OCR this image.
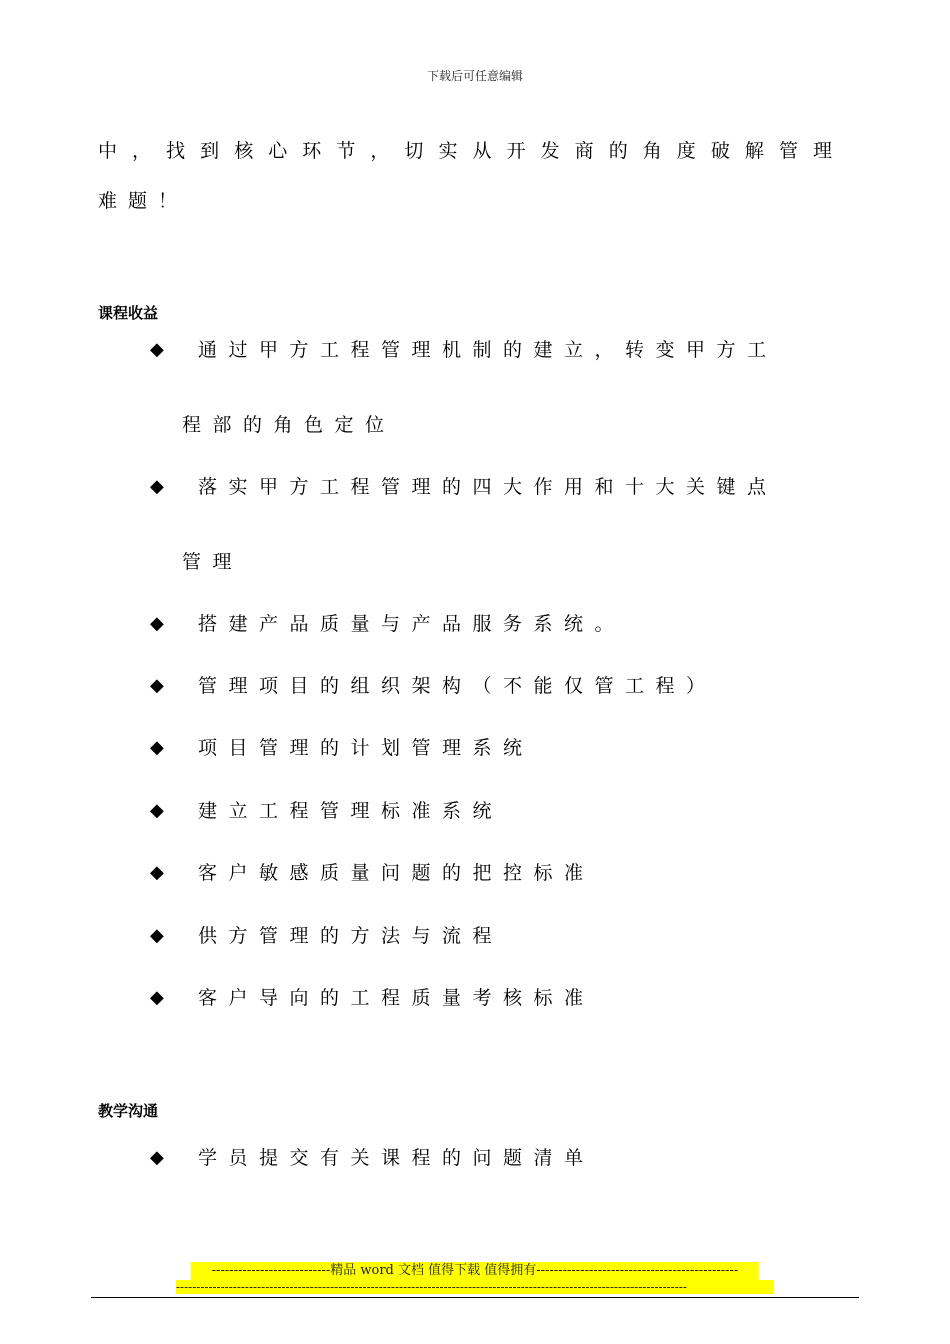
下载后可任意编辑

中，找到核心环节，切实从开发商的角度破解管理

难题！

课程收益
◆ 通过甲方工程管理机制的建立，转变甲方工
程部的角色定位
◆ 落实甲方工程管理的四大作用和十大关键点
管理
◆ 搭建产品质量与产品服务系统。
◆ 管理项目的组织架构（不能仅管工程）
◆ 项目管理的计划管理系统
◆ 建立工程管理标准系统
◆ 客户敏感质量问题的把控标准
◆ 供方管理的方法与流程
◆ 客户导向的工程质量考核标准
教学沟通
◆ 学员提交有关课程的问题清单
---------------------------精品 word 文档 值得下载 值得拥有----------------------------------------------
------------------------------------------------------------------------------------------------------------------------------
